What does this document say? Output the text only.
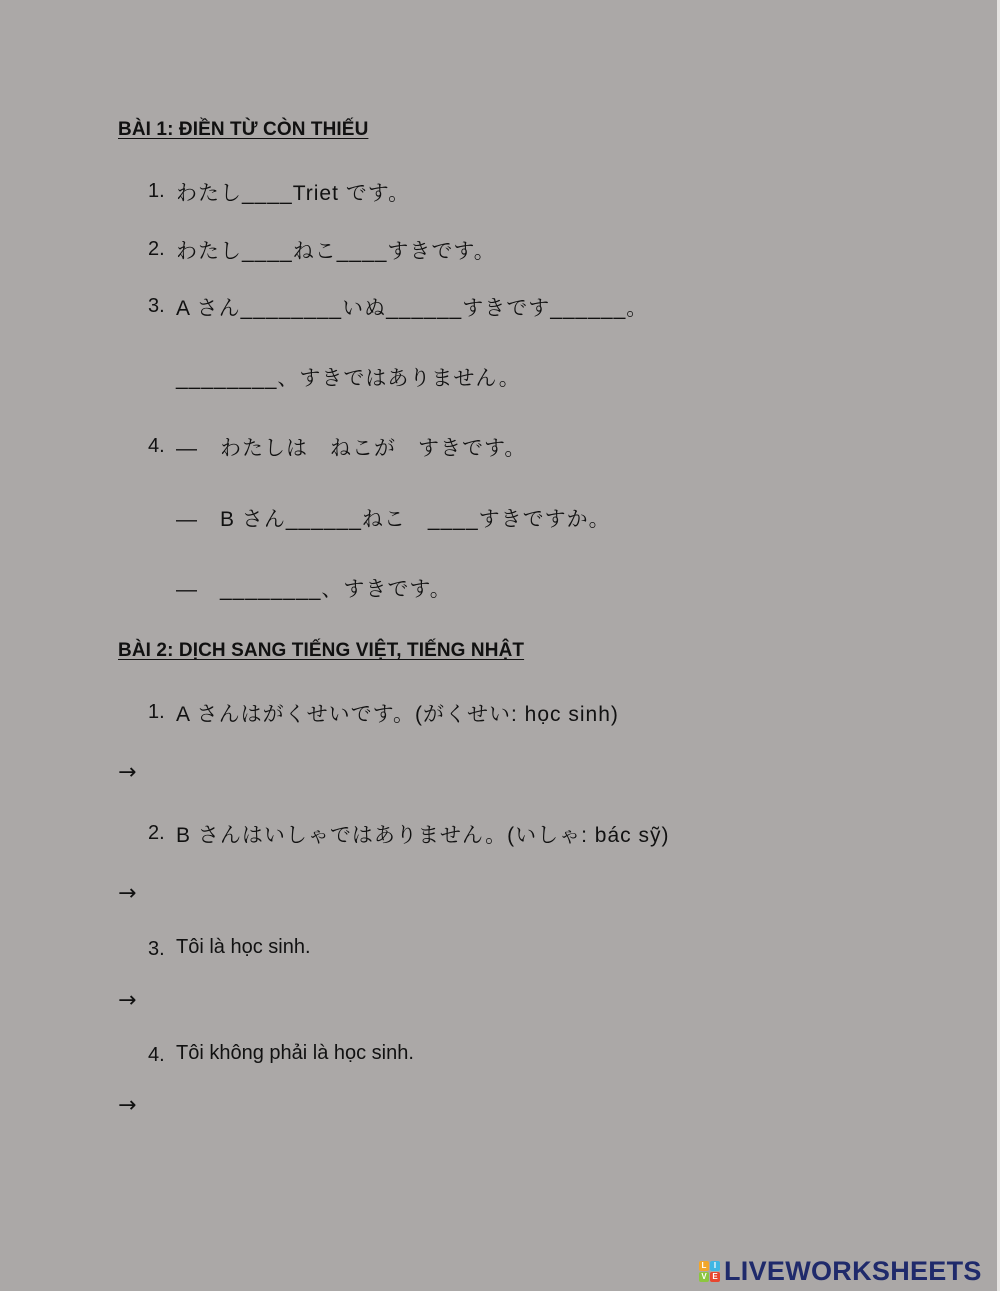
BÀI 1: ĐIỀN TỪ CÒN THIẾU
1. わたし____Triet です。
2. わたし____ねこ____すきです。
3. A さん________いぬ______すきです______。
________、すきではありません。
4. ―　わたしは　ねこが　すきです。
―　B さん______ねこ　____すきですか。
―　________、すきです。
BÀI 2: DỊCH SANG TIẾNG VIỆT, TIẾNG NHẬT
1. A さんはがくせいです。(がくせい: học sinh)
→
2. B さんはいしゃではありません。(いしゃ: bác sỹ)
→
3. Tôi là học sinh.
→
4. Tôi không phải là học sinh.
→
L I
V E LIVEWORKSHEETS
